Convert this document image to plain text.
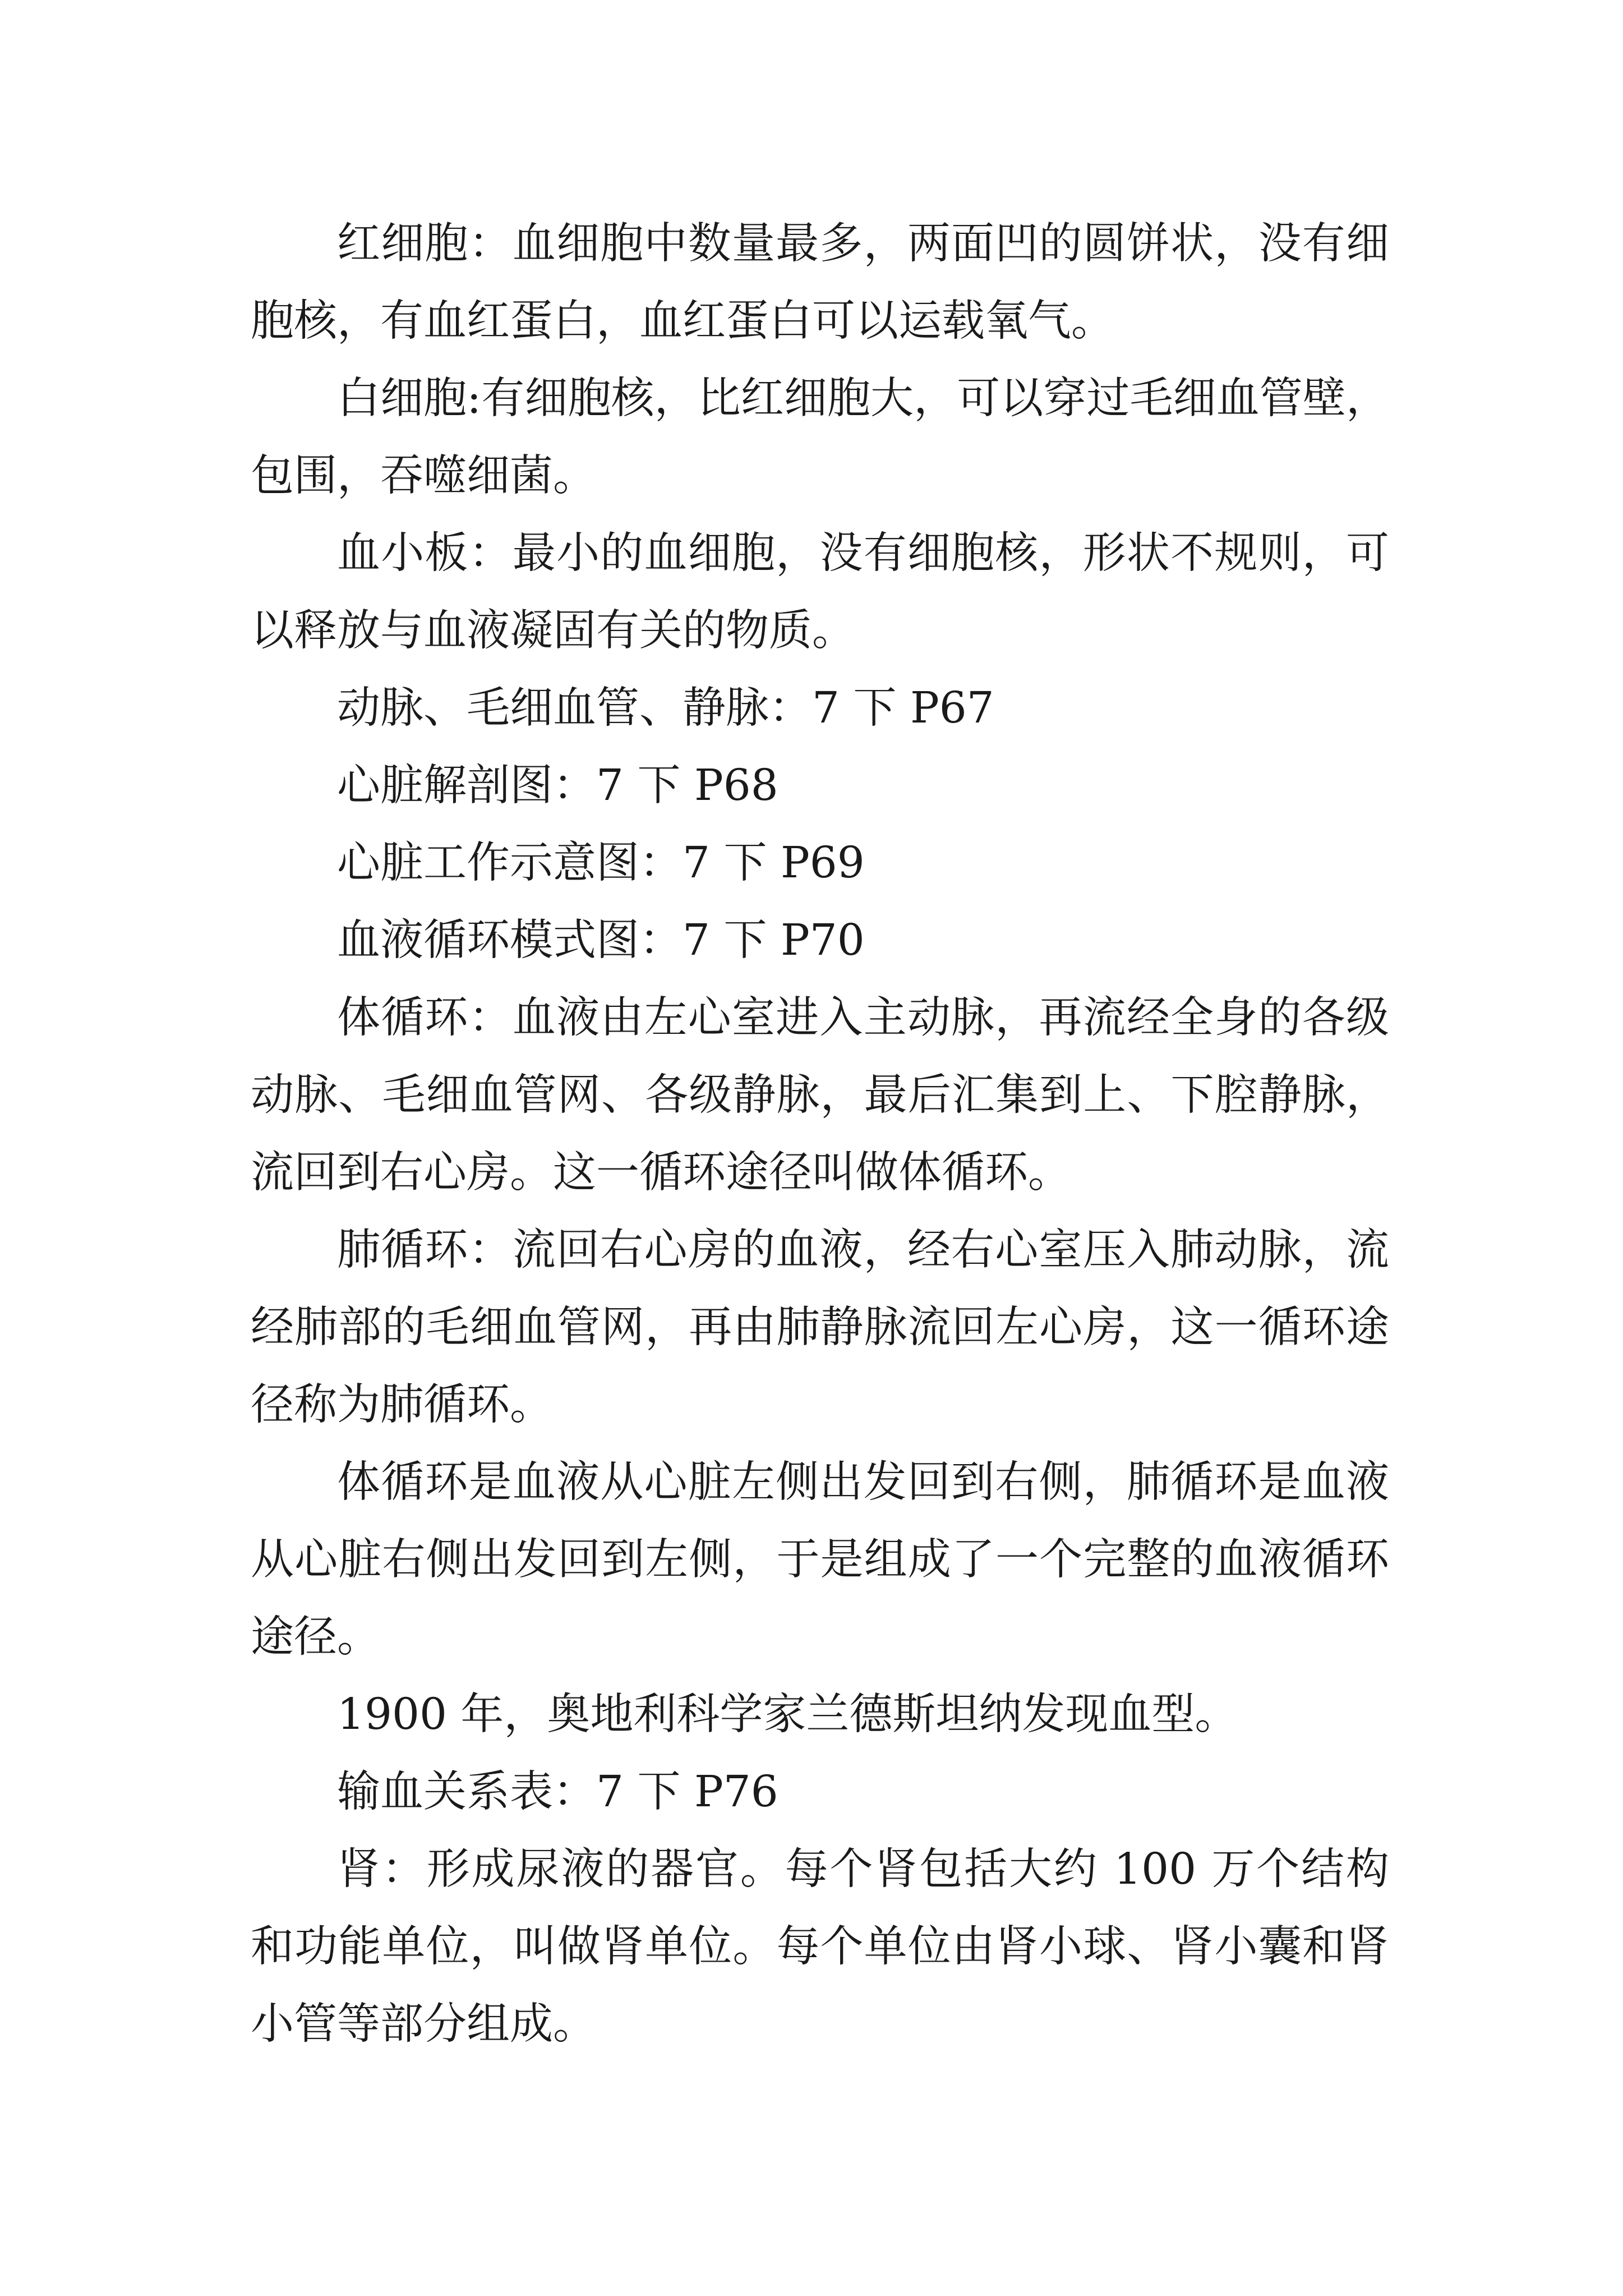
红细胞：血细胞中数量最多，两面凹的圆饼状，没有细胞核，有血红蛋白，血红蛋白可以运载氧气。

白细胞:有细胞核，比红细胞大，可以穿过毛细血管壁，包围，吞噬细菌。

血小板：最小的血细胞，没有细胞核，形状不规则，可以释放与血液凝固有关的物质。

动脉、毛细血管、静脉：7 下 P67

心脏解剖图：7 下 P68

心脏工作示意图：7 下 P69

血液循环模式图：7 下 P70

体循环：血液由左心室进入主动脉，再流经全身的各级动脉、毛细血管网、各级静脉，最后汇集到上、下腔静脉，流回到右心房。这一循环途径叫做体循环。

肺循环：流回右心房的血液，经右心室压入肺动脉，流经肺部的毛细血管网，再由肺静脉流回左心房，这一循环途径称为肺循环。

体循环是血液从心脏左侧出发回到右侧，肺循环是血液从心脏右侧出发回到左侧，于是组成了一个完整的血液循环途径。

1900 年，奥地利科学家兰德斯坦纳发现血型。

输血关系表：7 下 P76

肾：形成尿液的器官。每个肾包括大约 100 万个结构和功能单位，叫做肾单位。每个单位由肾小球、肾小囊和肾小管等部分组成。
